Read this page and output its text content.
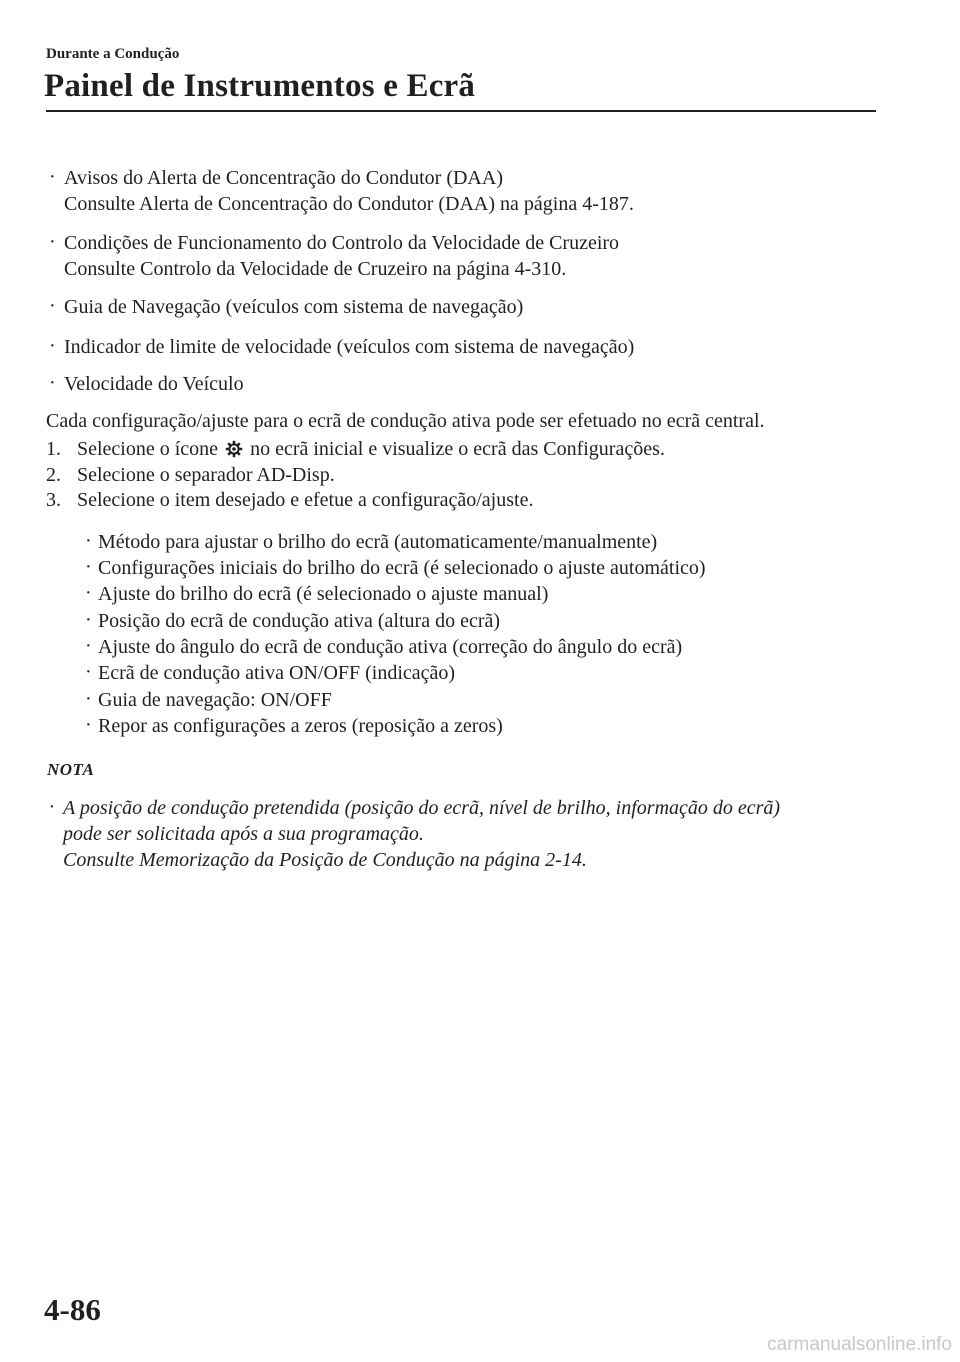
Durante a Condução
Painel de Instrumentos e Ecrã
· Avisos do Alerta de Concentração do Condutor (DAA)
Consulte Alerta de Concentração do Condutor (DAA) na página 4-187.
· Condições de Funcionamento do Controlo da Velocidade de Cruzeiro
Consulte Controlo da Velocidade de Cruzeiro na página 4-310.
· Guia de Navegação (veículos com sistema de navegação)
· Indicador de limite de velocidade (veículos com sistema de navegação)
· Velocidade do Veículo
Cada configuração/ajuste para o ecrã de condução ativa pode ser efetuado no ecrã central.
1. Selecione o ícone no ecrã inicial e visualize o ecrã das Configurações.
2. Selecione o separador AD-Disp.
3. Selecione o item desejado e efetue a configuração/ajuste.
· Método para ajustar o brilho do ecrã (automaticamente/manualmente)
· Configurações iniciais do brilho do ecrã (é selecionado o ajuste automático)
· Ajuste do brilho do ecrã (é selecionado o ajuste manual)
· Posição do ecrã de condução ativa (altura do ecrã)
· Ajuste do ângulo do ecrã de condução ativa (correção do ângulo do ecrã)
· Ecrã de condução ativa ON/OFF (indicação)
· Guia de navegação: ON/OFF
· Repor as configurações a zeros (reposição a zeros)
NOTA
· A posição de condução pretendida (posição do ecrã, nível de brilho, informação do ecrã)
pode ser solicitada após a sua programação.
Consulte Memorização da Posição de Condução na página 2-14.
4-86
carmanualsonline.info
